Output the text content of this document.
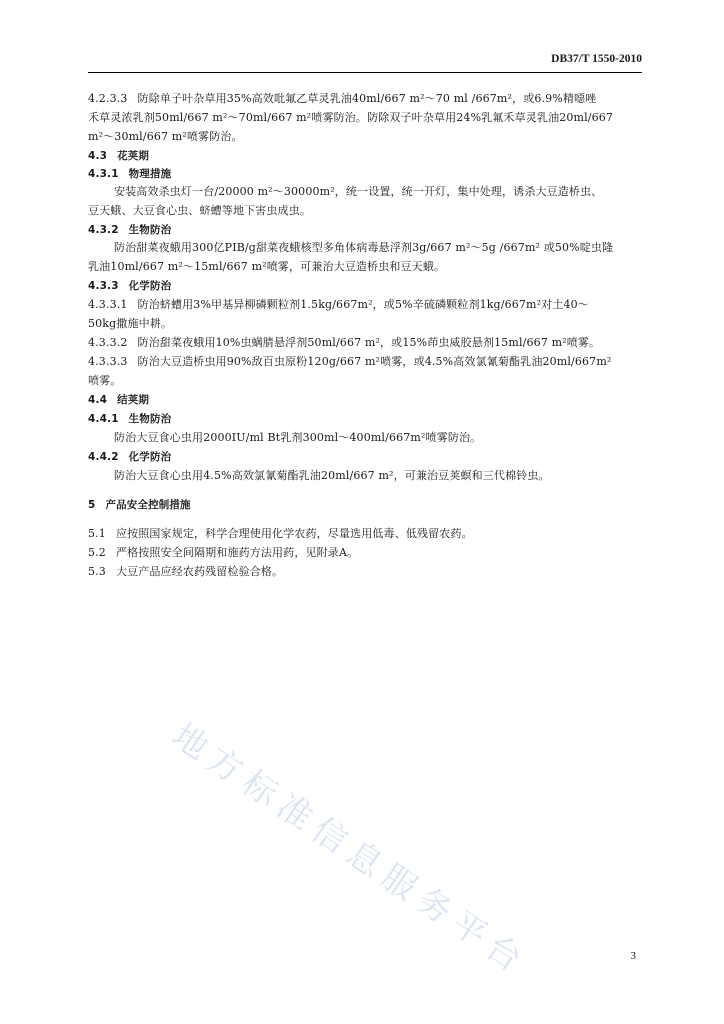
DB37/T 1550-2010
4.2.3.3 防除单子叶杂草用35%高效吡氟乙草灵乳油40ml/667 m²～70 ml /667m²，或6.9%精噁唑
禾草灵浓乳剂50ml/667 m²～70ml/667 m²喷雾防治。防除双子叶杂草用24%乳氟禾草灵乳油20ml/667
m²～30ml/667 m²喷雾防治。
4.3 花荚期
4.3.1 物理措施
安装高效杀虫灯一台/20000 m²～30000m²，统一设置，统一开灯，集中处理，诱杀大豆造桥虫、
豆天蛾、大豆食心虫、蛴螬等地下害虫成虫。
4.3.2 生物防治
防治甜菜夜蛾用300亿PIB/g甜菜夜蛾核型多角体病毒悬浮剂3g/667 m²～5g /667m² 或50%啶虫隆
乳油10ml/667 m²～15ml/667 m²喷雾，可兼治大豆造桥虫和豆天蛾。
4.3.3 化学防治
4.3.3.1 防治蛴螬用3%甲基异柳磷颗粒剂1.5kg/667m²，或5%辛硫磷颗粒剂1kg/667m²对土40～
50kg撒施中耕。
4.3.3.2 防治甜菜夜蛾用10%虫螨腈悬浮剂50ml/667 m²，或15%茚虫威胶悬剂15ml/667 m²喷雾。
4.3.3.3 防治大豆造桥虫用90%敌百虫原粉120g/667 m²喷雾，或4.5%高效氯氰菊酯乳油20ml/667m²
喷雾。
4.4 结荚期
4.4.1 生物防治
防治大豆食心虫用2000IU/ml Bt乳剂300ml～400ml/667m²喷雾防治。
4.4.2 化学防治
防治大豆食心虫用4.5%高效氯氰菊酯乳油20ml/667 m²，可兼治豆荚螟和三代棉铃虫。
5 产品安全控制措施
5.1 应按照国家规定，科学合理使用化学农药，尽量选用低毒、低残留农药。
5.2 严格按照安全间隔期和施药方法用药，见附录A。
5.3 大豆产品应经农药残留检验合格。
地方标准信息服务平台	3
